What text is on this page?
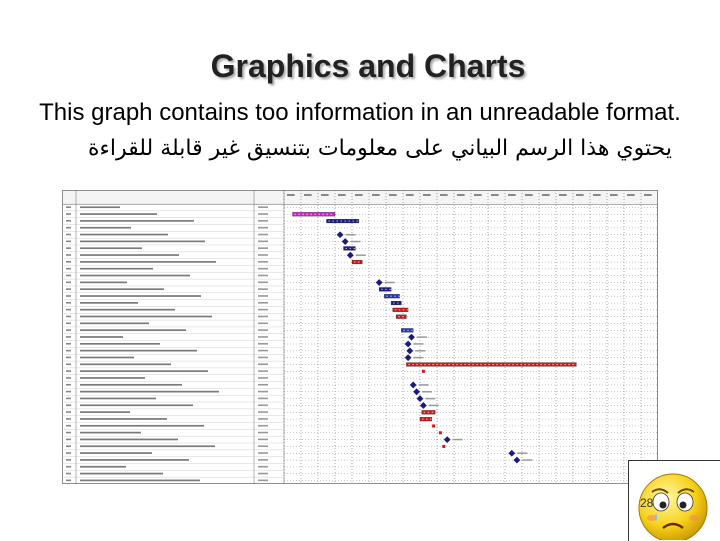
Graphics and Charts
This graph contains too information in an unreadable format.
يحتوي هذا الرسم البياني على معلومات بتنسيق غير قابلة للقراءة
28
